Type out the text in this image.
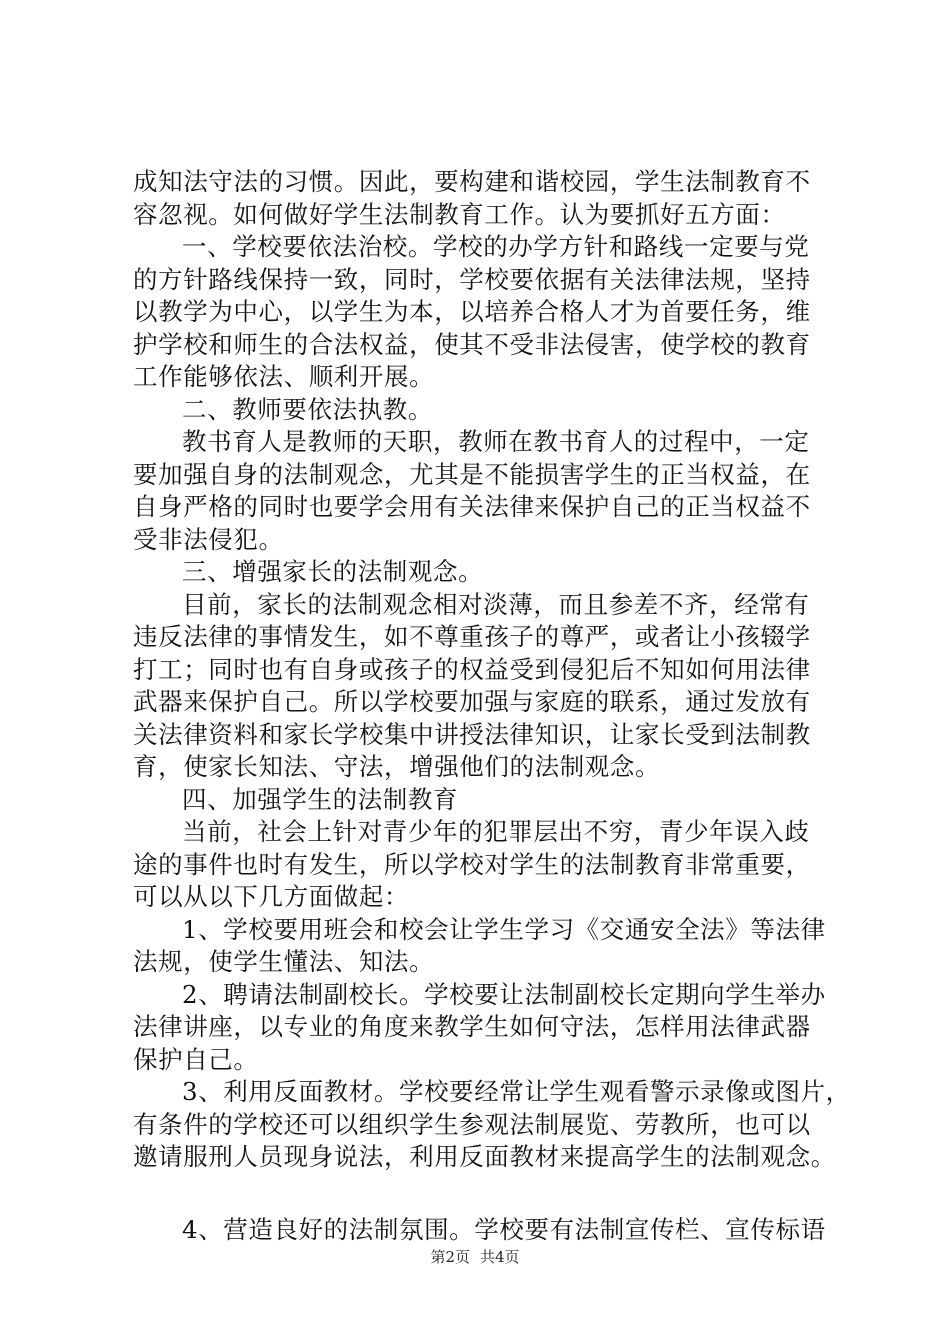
成知法守法的习惯。因此，要构建和谐校园，学生法制教育不
容忽视。如何做好学生法制教育工作。认为要抓好五方面：
一、学校要依法治校。学校的办学方针和路线一定要与党
的方针路线保持一致，同时，学校要依据有关法律法规，坚持
以教学为中心，以学生为本，以培养合格人才为首要任务，维
护学校和师生的合法权益，使其不受非法侵害，使学校的教育
工作能够依法、顺利开展。
二、教师要依法执教。
教书育人是教师的天职，教师在教书育人的过程中，一定
要加强自身的法制观念，尤其是不能损害学生的正当权益，在
自身严格的同时也要学会用有关法律来保护自己的正当权益不
受非法侵犯。
三、增强家长的法制观念。
目前，家长的法制观念相对淡薄，而且参差不齐，经常有
违反法律的事情发生，如不尊重孩子的尊严，或者让小孩辍学
打工；同时也有自身或孩子的权益受到侵犯后不知如何用法律
武器来保护自己。所以学校要加强与家庭的联系，通过发放有
关法律资料和家长学校集中讲授法律知识，让家长受到法制教
育，使家长知法、守法，增强他们的法制观念。
四、加强学生的法制教育
当前，社会上针对青少年的犯罪层出不穷，青少年误入歧
途的事件也时有发生，所以学校对学生的法制教育非常重要，
可以从以下几方面做起：
1、学校要用班会和校会让学生学习《交通安全法》等法律
法规，使学生懂法、知法。
2、聘请法制副校长。学校要让法制副校长定期向学生举办
法律讲座，以专业的角度来教学生如何守法，怎样用法律武器
保护自己。
3、利用反面教材。学校要经常让学生观看警示录像或图片，
有条件的学校还可以组织学生参观法制展览、劳教所，也可以
邀请服刑人员现身说法，利用反面教材来提高学生的法制观念。
4、营造良好的法制氛围。学校要有法制宣传栏、宣传标语
第2页 共4页
